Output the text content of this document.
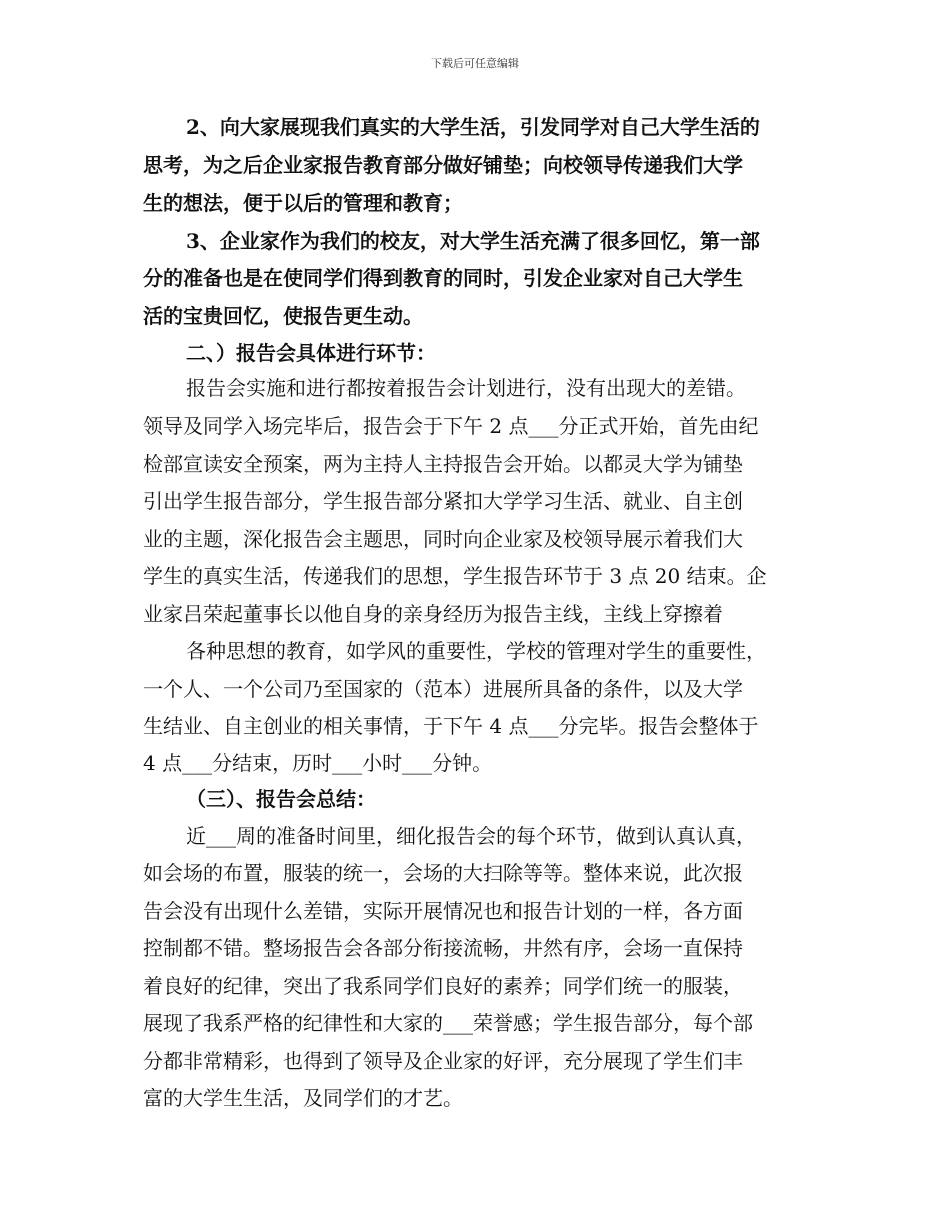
下载后可任意编辑
2、向大家展现我们真实的大学生活，引发同学对自己大学生活的
思考，为之后企业家报告教育部分做好铺垫；向校领导传递我们大学
生的想法，便于以后的管理和教育；
3、企业家作为我们的校友，对大学生活充满了很多回忆，第一部
分的准备也是在使同学们得到教育的同时，引发企业家对自己大学生
活的宝贵回忆，使报告更生动。
二、）报告会具体进行环节：
报告会实施和进行都按着报告会计划进行，没有出现大的差错。
领导及同学入场完毕后，报告会于下午 2 点___分正式开始，首先由纪
检部宣读安全预案，两为主持人主持报告会开始。以都灵大学为铺垫
引出学生报告部分，学生报告部分紧扣大学学习生活、就业、自主创
业的主题，深化报告会主题思，同时向企业家及校领导展示着我们大
学生的真实生活，传递我们的思想，学生报告环节于 3 点 20 结束。企
业家吕荣起董事长以他自身的亲身经历为报告主线，主线上穿擦着
各种思想的教育，如学风的重要性，学校的管理对学生的重要性，
一个人、一个公司乃至国家的（范本）进展所具备的条件，以及大学
生结业、自主创业的相关事情，于下午 4 点___分完毕。报告会整体于
4 点___分结束，历时___小时___分钟。
（三）、报告会总结：
近___周的准备时间里，细化报告会的每个环节，做到认真认真，
如会场的布置，服装的统一，会场的大扫除等等。整体来说，此次报
告会没有出现什么差错，实际开展情况也和报告计划的一样，各方面
控制都不错。整场报告会各部分衔接流畅，井然有序，会场一直保持
着良好的纪律，突出了我系同学们良好的素养；同学们统一的服装，
展现了我系严格的纪律性和大家的___荣誉感；学生报告部分，每个部
分都非常精彩，也得到了领导及企业家的好评，充分展现了学生们丰
富的大学生生活，及同学们的才艺。
